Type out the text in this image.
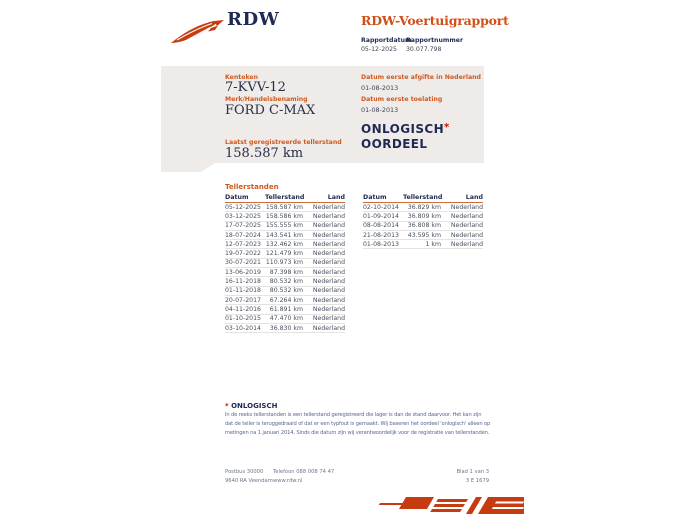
RDW	RDW-Voertuigrapport
Rapportdatum
Rapportnummer
05-12-2025 30.077.798
Kenteken
7-KVV-12
Merk/Handelsbenaming
FORD C-MAX
Laatst geregistreerde tellerstand
158.587 km
Datum eerste afgifte in Nederland
01-08-2013
Datum eerste toelating
01-08-2013
ONLOGISCH
OORDEEL
*
Tellerstanden
Datum	Tellerstand	Land
05-12-2025 158.587 km	Nederland
03-12-2025 158.586 km	Nederland
17-07-2025 155.555 km	Nederland
18-07-2024 143.541 km	Nederland
12-07-2023 132.462 km	Nederland
19-07-2022 121.479 km	Nederland
30-07-2021 110.973 km	Nederland
13-06-2019	87.398 km	Nederland
16-11-2018	80.532 km	Nederland
01-11-2018	80.532 km	Nederland
20-07-2017	67.264 km	Nederland
04-11-2016	61.891 km	Nederland
01-10-2015	47.470 km	Nederland
03-10-2014	36.830 km	Nederland
Datum	Tellerstand	Land
02-10-2014	36.829 km	Nederland
01-09-2014	36.809 km	Nederland
08-08-2014	36.808 km	Nederland
21-08-2013	43.595 km	Nederland
01-08-2013	1 km	Nederland
* ONLOGISCH
In de reeks tellerstanden is een tellerstand geregistreerd die lager is dan de stand daarvoor. Het kan zijn
dat de teller is teruggedraaid of dat er een typfout is gemaakt. Wij baseren het oordeel 'onlogisch' alleen op
metingen na 1 januari 2014. Sinds die datum zijn wij verantwoordelijk voor de registratie van tellerstanden.
Postbus 30000
9640 RA Veendam
Telefoon 088 008 74 47
www.rdw.nl
Blad 1 van 3
3 E 1679
